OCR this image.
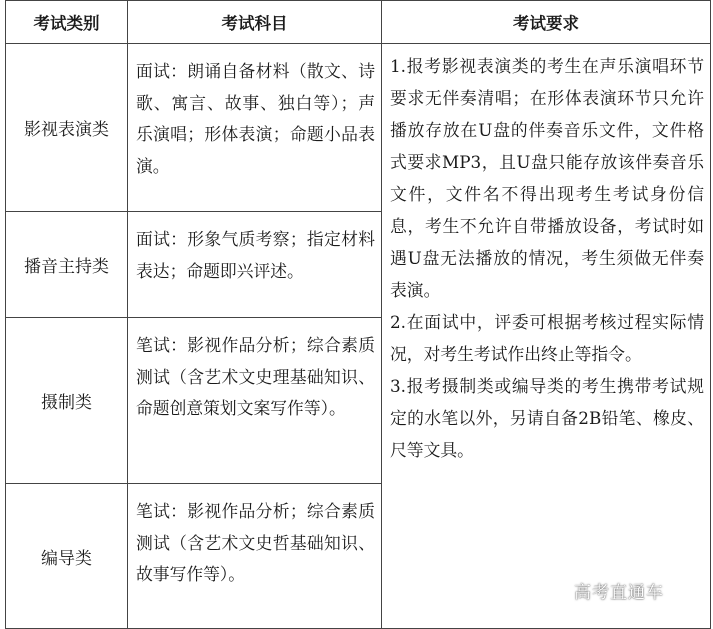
考试类别	考试科目	考试要求
影视表演类	面试：朗诵自备材料（散文、诗歌、寓言、故事、独白等）；声乐演唱；形体表演；命题小品表演。	1.报考影视表演类的考生在声乐演唱环节要求无伴奏清唱；在形体表演环节只允许播放存放在U盘的伴奏音乐文件，文件格式要求MP3，且U盘只能存放该伴奏音乐文件，文件名不得出现考生考试身份信息，考生不允许自带播放设备，考试时如遇U盘无法播放的情况，考生须做无伴奏表演。
2.在面试中，评委可根据考核过程实际情况，对考生考试作出终止等指令。
3.报考摄制类或编导类的考生携带考试规定的水笔以外，另请自备2B铅笔、橡皮、尺等文具。

播音主持类	面试：形象气质考察；指定材料表达；命题即兴评述。	
摄制类	笔试：影视作品分析；综合素质测试（含艺术文史理基础知识、命题创意策划文案写作等）。	
编导类	笔试：影视作品分析；综合素质测试（含艺术文史哲基础知识、故事写作等）。	
高考直通车
